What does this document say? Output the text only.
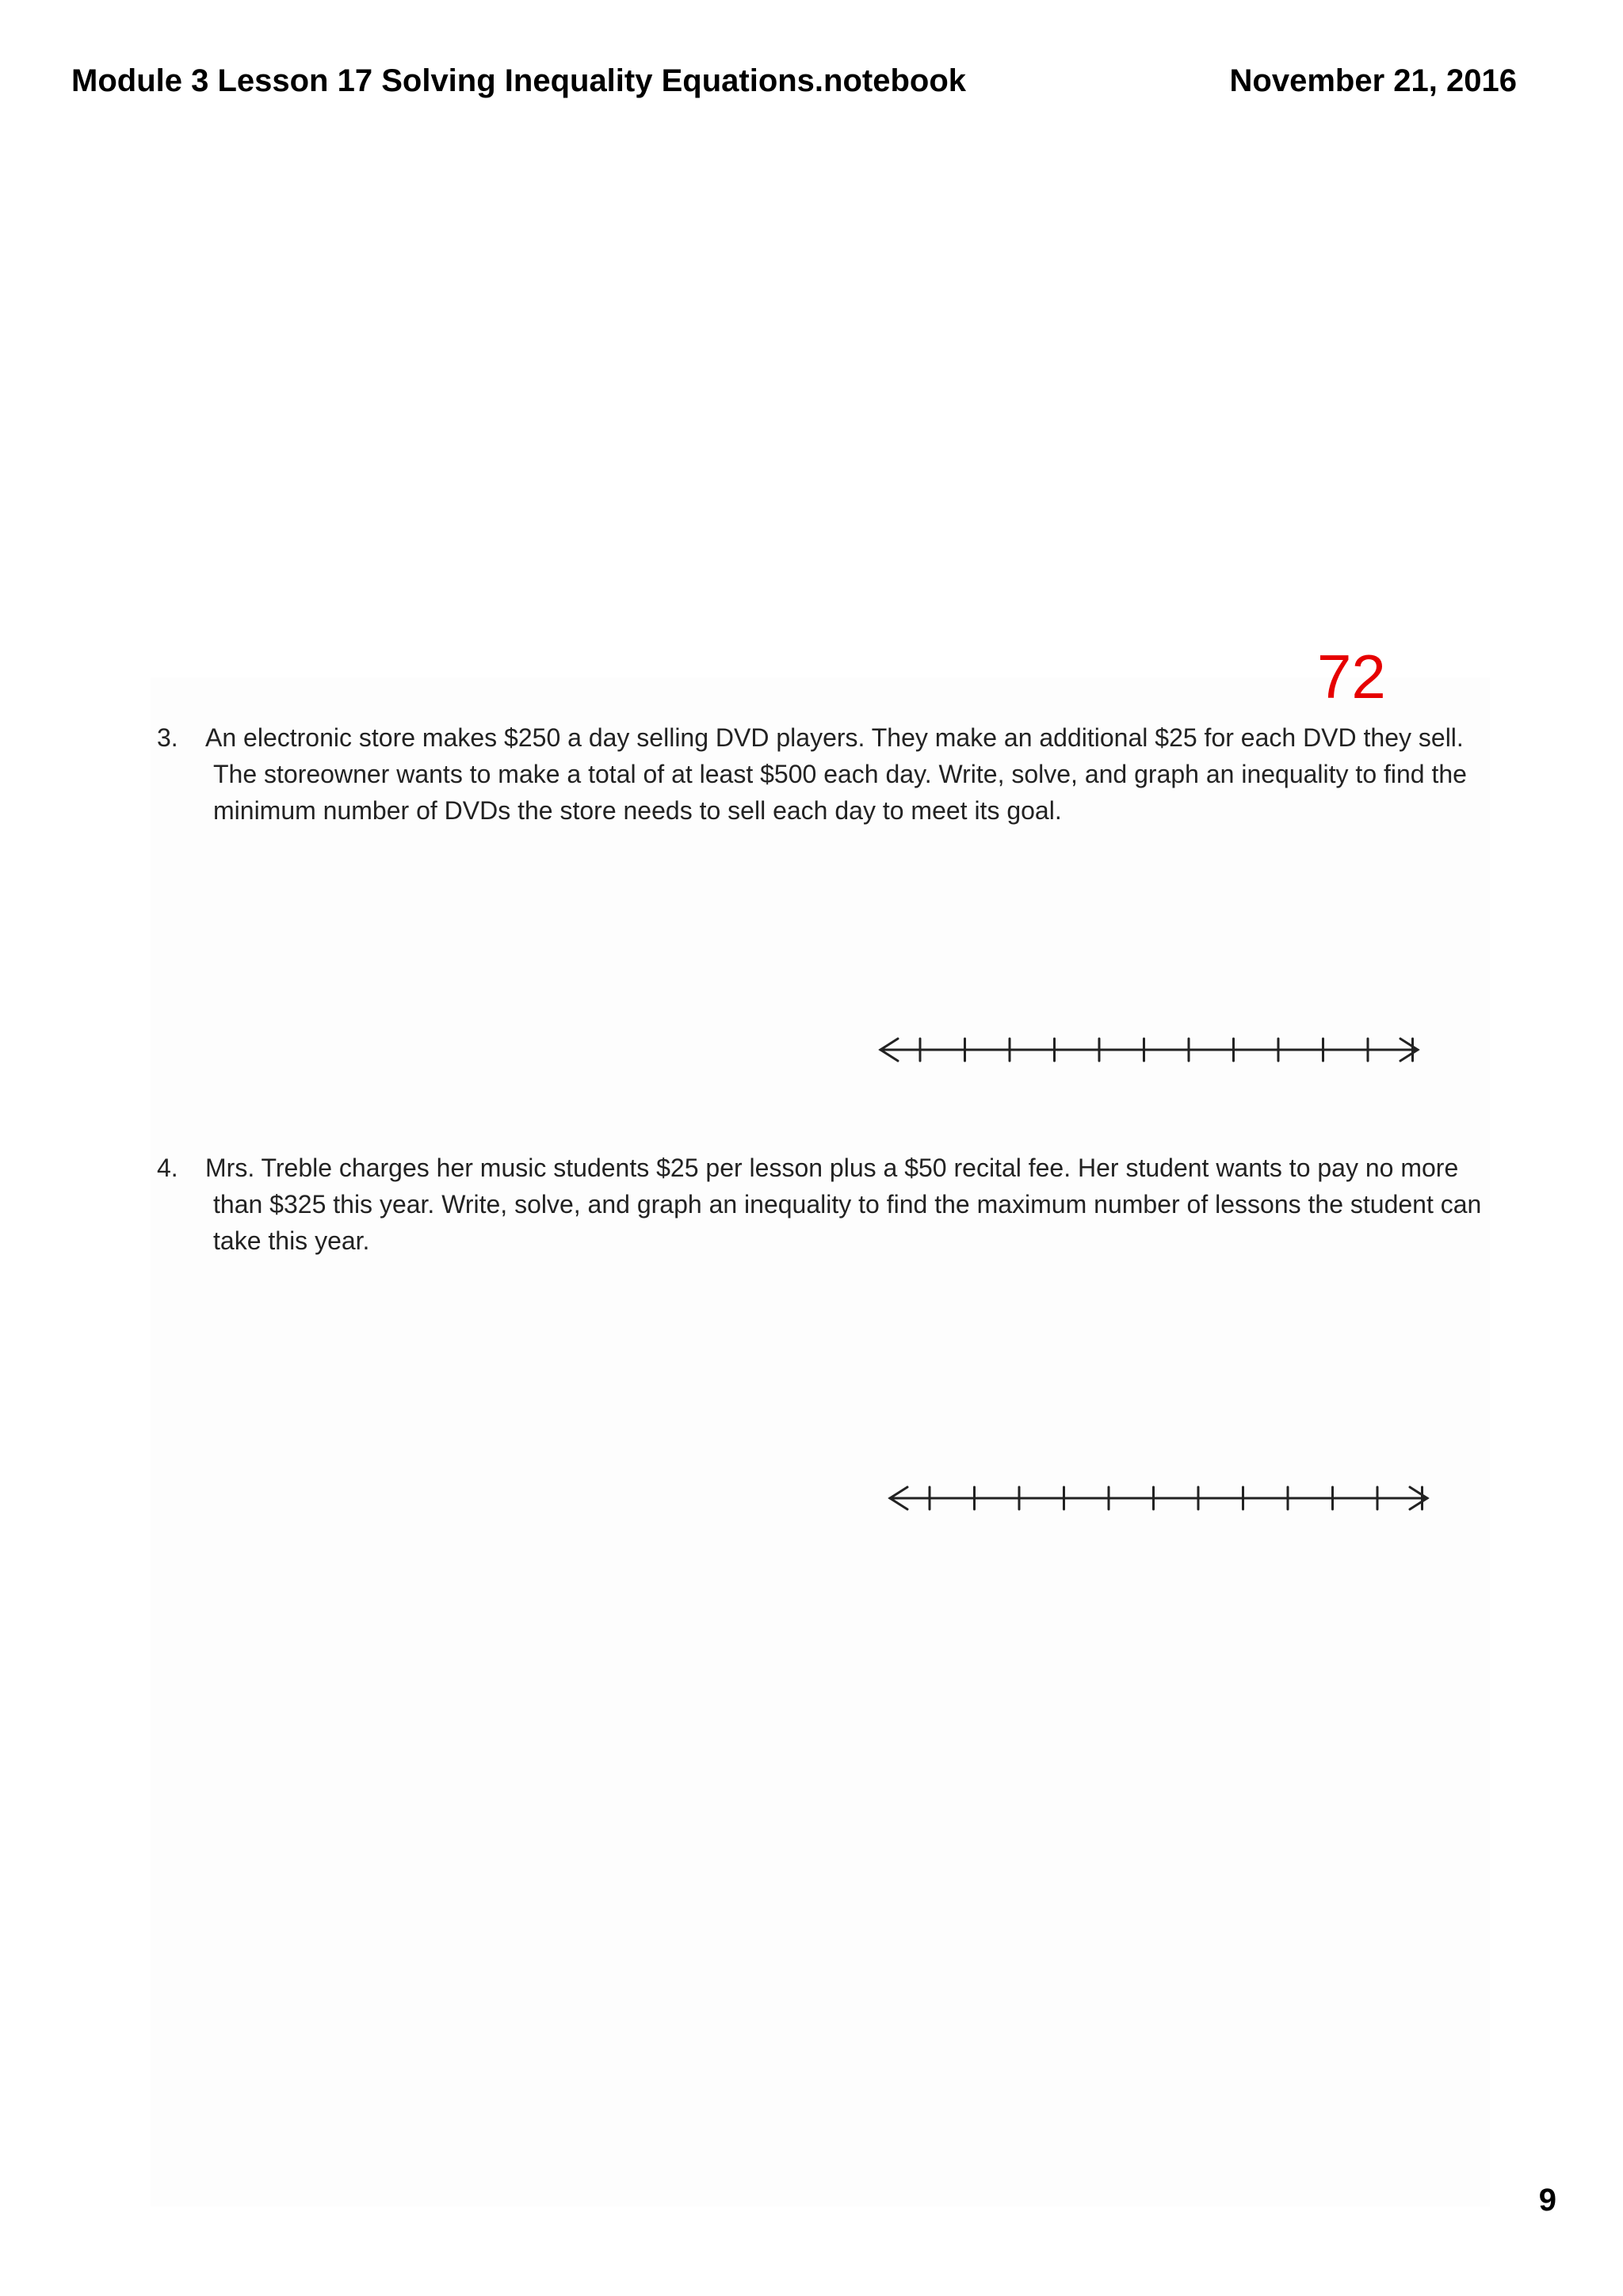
Module 3 Lesson 17 Solving Inequality Equations.notebook	November 21, 2016
72
3.	An electronic store makes $250 a day selling DVD players. They make an additional $25 for each DVD they sell. The storeowner wants to make a total of at least $500 each day. Write, solve, and graph an inequality to find the minimum number of DVDs the store needs to sell each day to meet its goal.
4.	Mrs. Treble charges her music students $25 per lesson plus a $50 recital fee. Her student wants to pay no more than $325 this year. Write, solve, and graph an inequality to find the maximum number of lessons the student can take this year.
9
